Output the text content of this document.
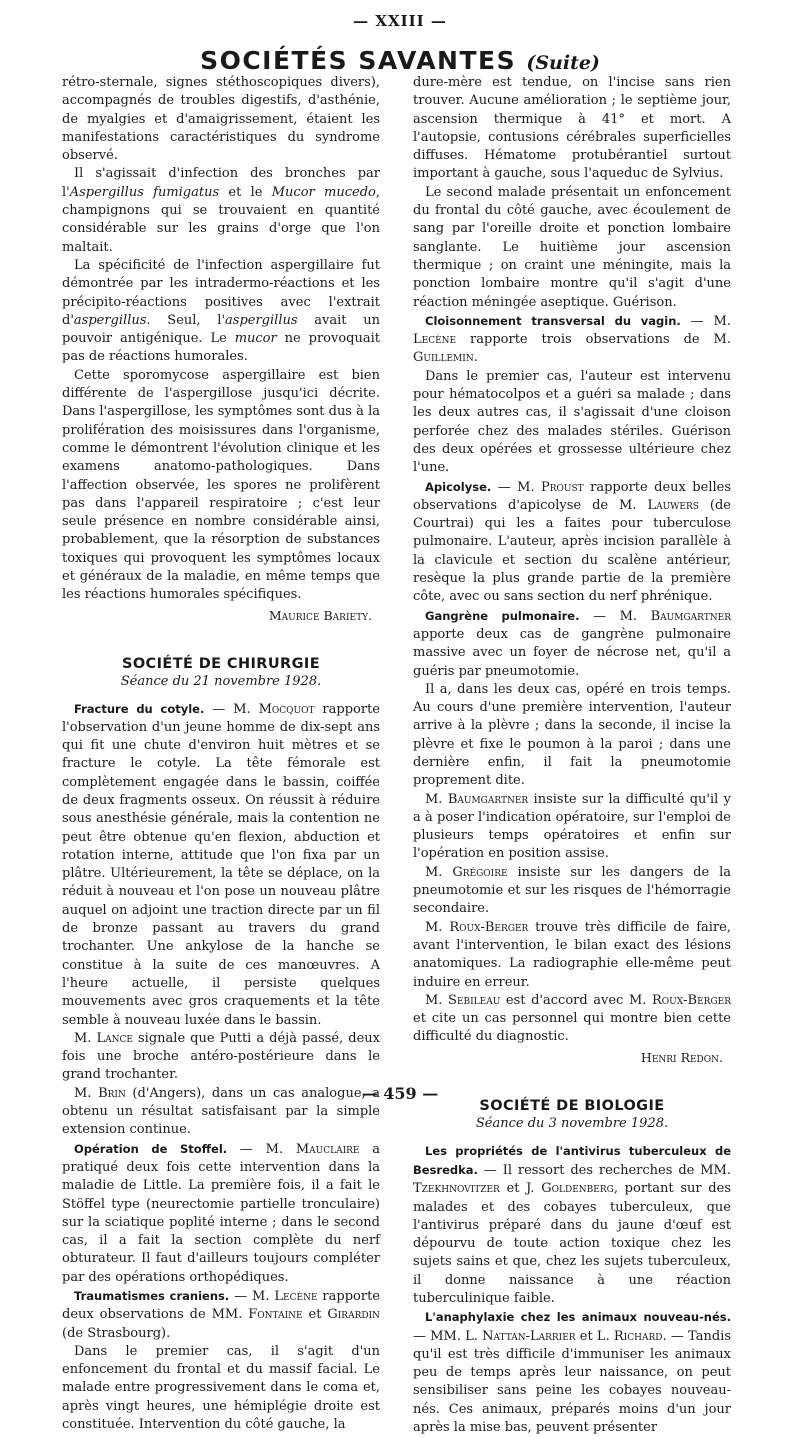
— XXIII —
SOCIÉTÉS SAVANTES (Suite)

rétro-sternale, signes stéthoscopiques divers), accompagnés de troubles digestifs, d'asthénie, de myalgies et d'amaigrissement, étaient les manifestations caractéristiques du syndrome observé.

Il s'agissait d'infection des bronches par l'Aspergillus fumigatus et le Mucor mucedo, champignons qui se trouvaient en quantité considérable sur les grains d'orge que l'on maltait.

La spécificité de l'infection aspergillaire fut démontrée par les intradermo-réactions et les précipito-réactions positives avec l'extrait d'aspergillus. Seul, l'aspergillus avait un pouvoir antigénique. Le mucor ne provoquait pas de réactions humorales.

Cette sporomycose aspergillaire est bien différente de l'aspergillose jusqu'ici décrite. Dans l'aspergillose, les symptômes sont dus à la prolifération des moisissures dans l'organisme, comme le démontrent l'évolution clinique et les examens anatomo-pathologiques. Dans l'affection observée, les spores ne prolifèrent pas dans l'appareil respiratoire ; c'est leur seule présence en nombre considérable ainsi, probablement, que la résorption de substances toxiques qui provoquent les symptômes locaux et généraux de la maladie, en même temps que les réactions humorales spécifiques.

Maurice Bariety.
SOCIÉTÉ DE CHIRURGIE
Séance du 21 novembre 1928.

Fracture du cotyle. — M. Mocquot rapporte l'observation d'un jeune homme de dix-sept ans qui fit une chute d'environ huit mètres et se fracture le cotyle. La tête fémorale est complètement engagée dans le bassin, coiffée de deux fragments osseux. On réussit à réduire sous anesthésie générale, mais la contention ne peut être obtenue qu'en flexion, abduction et rotation interne, attitude que l'on fixa par un plâtre. Ultérieurement, la tête se déplace, on la réduit à nouveau et l'on pose un nouveau plâtre auquel on adjoint une traction directe par un fil de bronze passant au travers du grand trochanter. Une ankylose de la hanche se constitue à la suite de ces manœuvres. A l'heure actuelle, il persiste quelques mouvements avec gros craquements et la tête semble à nouveau luxée dans le bassin.

M. Lance signale que Putti a déjà passé, deux fois une broche antéro-postérieure dans le grand trochanter.

M. Brin (d'Angers), dans un cas analogue, a obtenu un résultat satisfaisant par la simple extension continue.

Opération de Stoffel. — M. Mauclaire a pratiqué deux fois cette intervention dans la maladie de Little. La première fois, il a fait le Stöffel type (neurectomie partielle tronculaire) sur la sciatique poplité interne ; dans le second cas, il a fait la section complète du nerf obturateur. Il faut d'ailleurs toujours compléter par des opérations orthopédiques.

Traumatismes craniens. — M. Lecène rapporte deux observations de MM. Fontaine et Girardin (de Strasbourg).

Dans le premier cas, il s'agit d'un enfoncement du frontal et du massif facial. Le malade entre progressivement dans le coma et, après vingt heures, une hémiplégie droite est constituée. Intervention du côté gauche, la

dure-mère est tendue, on l'incise sans rien trouver. Aucune amélioration ; le septième jour, ascension thermique à 41° et mort. A l'autopsie, contusions cérébrales superficielles diffuses. Hématome protubérantiel surtout important à gauche, sous l'aqueduc de Sylvius.

Le second malade présentait un enfoncement du frontal du côté gauche, avec écoulement de sang par l'oreille droite et ponction lombaire sanglante. Le huitième jour ascension thermique ; on craint une méningite, mais la ponction lombaire montre qu'il s'agit d'une réaction méningée aseptique. Guérison.

Cloisonnement transversal du vagin. — M. Lecène rapporte trois observations de M. Guillemin.

Dans le premier cas, l'auteur est intervenu pour hématocolpos et a guéri sa malade ; dans les deux autres cas, il s'agissait d'une cloison perforée chez des malades stériles. Guérison des deux opérées et grossesse ultérieure chez l'une.

Apicolyse. — M. Proust rapporte deux belles observations d'apicolyse de M. Lauwers (de Courtrai) qui les a faites pour tuberculose pulmonaire. L'auteur, après incision parallèle à la clavicule et section du scalène antérieur, resèque la plus grande partie de la première côte, avec ou sans section du nerf phrénique.

Gangrène pulmonaire. — M. Baumgartner apporte deux cas de gangrène pulmonaire massive avec un foyer de nécrose net, qu'il a guéris par pneumotomie.

Il a, dans les deux cas, opéré en trois temps. Au cours d'une première intervention, l'auteur arrive à la plèvre ; dans la seconde, il incise la plèvre et fixe le poumon à la paroi ; dans une dernière enfin, il fait la pneumotomie proprement dite.

M. Baumgartner insiste sur la difficulté qu'il y a à poser l'indication opératoire, sur l'emploi de plusieurs temps opératoires et enfin sur l'opération en position assise.

M. Grégoire insiste sur les dangers de la pneumotomie et sur les risques de l'hémorragie secondaire.

M. Roux-Berger trouve très difficile de faire, avant l'intervention, le bilan exact des lésions anatomiques. La radiographie elle-même peut induire en erreur.

M. Sebileau est d'accord avec M. Roux-Berger et cite un cas personnel qui montre bien cette difficulté du diagnostic.

Henri Redon.
SOCIÉTÉ DE BIOLOGIE
Séance du 3 novembre 1928.

Les propriétés de l'antivirus tuberculeux de Besredka. — Il ressort des recherches de MM. Tzekhnovitzer et J. Goldenberg, portant sur des malades et des cobayes tuberculeux, que l'antivirus préparé dans du jaune d'œuf est dépourvu de toute action toxique chez les sujets sains et que, chez les sujets tuberculeux, il donne naissance à une réaction tuberculinique faible.

L'anaphylaxie chez les animaux nouveau-nés. — MM. L. Nattan-Larrier et L. Richard. — Tandis qu'il est très difficile d'immuniser les animaux peu de temps après leur naissance, on peut sensibiliser sans peine les cobayes nouveau-nés. Ces animaux, préparés moins d'un jour après la mise bas, peuvent présenter

— 459 —
